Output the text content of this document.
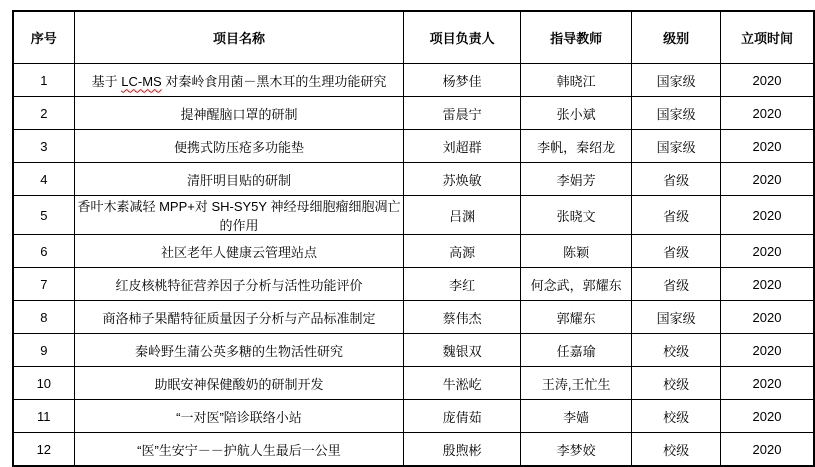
序号	项目名称	项目负责人	指导教师	级别	立项时间
1	基于 LC-MS 对秦岭食用菌－黑木耳的生理功能研究	杨梦佳	韩晓江	国家级	2020
2	提神醒脑口罩的研制	雷晨宁	张小斌	国家级	2020
3	便携式防压疮多功能垫	刘超群	李帆，秦绍龙	国家级	2020
4	清肝明目贴的研制	苏焕敏	李娟芳	省级	2020
5	香叶木素减轻 MPP+对 SH-SY5Y 神经母细胞瘤细胞凋亡的作用	吕渊	张晓文	省级	2020
6	社区老年人健康云管理站点	高源	陈颖	省级	2020
7	红皮核桃特征营养因子分析与活性功能评价	李红	何念武，郭耀东	省级	2020
8	商洛柿子果醋特征质量因子分析与产品标准制定	蔡伟杰	郭耀东	国家级	2020
9	秦岭野生蒲公英多糖的生物活性研究	魏银双	任嘉瑜	校级	2020
10	助眠安神保健酸奶的研制开发	牛淞屹	王涛,王忙生	校级	2020
11	“一对医”陪诊联络小站	庞倩茹	李嫱	校级	2020
12	“医”生安宁－－护航人生最后一公里	殷煦彬	李梦姣	校级	2020
